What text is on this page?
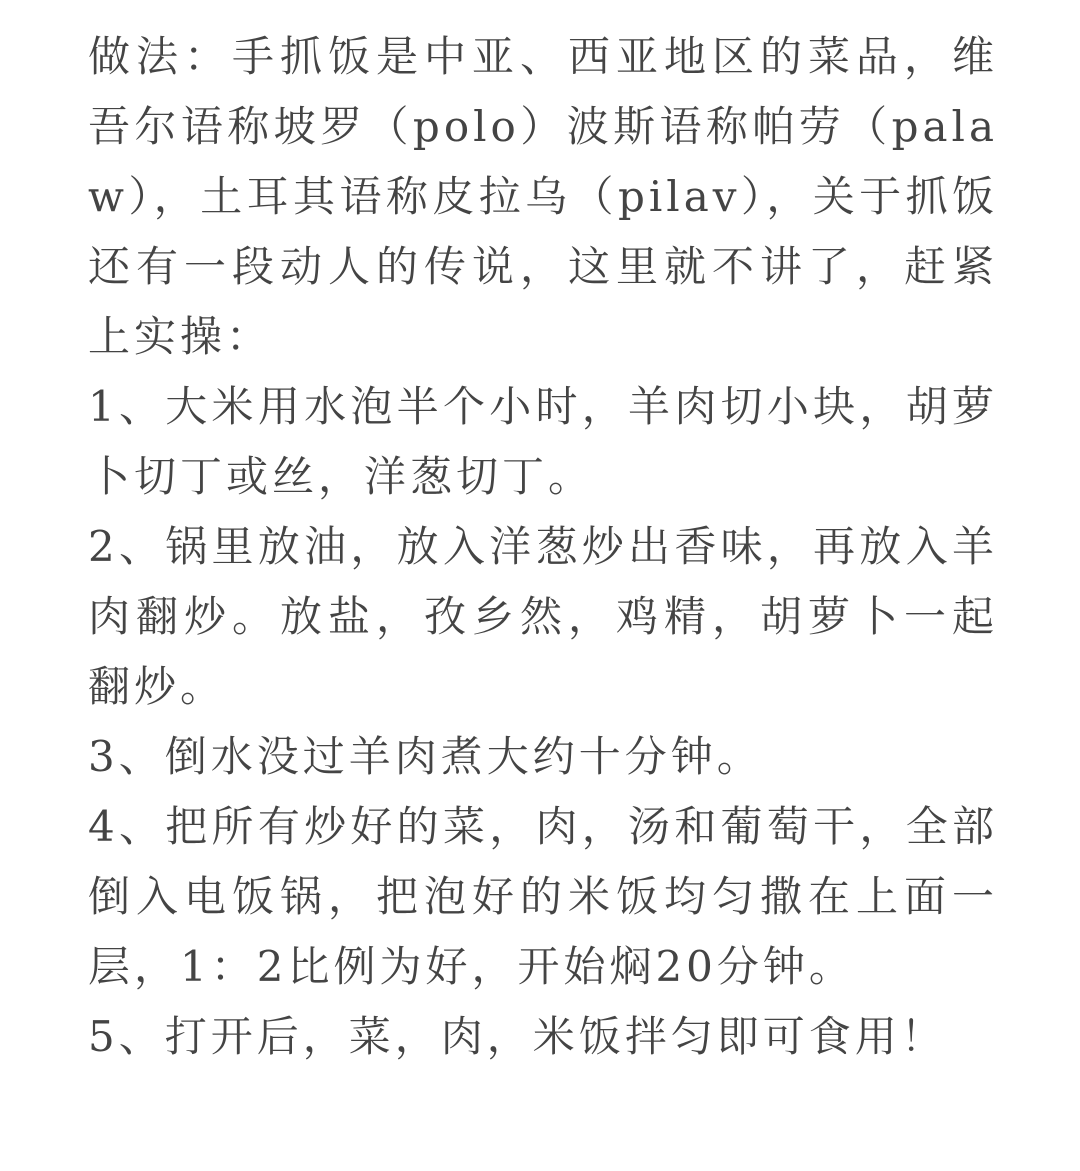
做法：手抓饭是中亚、西亚地区的菜品，维吾尔语称坡罗（polo）波斯语称帕劳（palaw），土耳其语称皮拉乌（pilav），关于抓饭还有一段动人的传说，这里就不讲了，赶紧上实操：

1、大米用水泡半个小时，羊肉切小块，胡萝卜切丁或丝，洋葱切丁。

2、锅里放油，放入洋葱炒出香味，再放入羊肉翻炒。放盐，孜乡然，鸡精，胡萝卜一起翻炒。

3、倒水没过羊肉煮大约十分钟。

4、把所有炒好的菜，肉，汤和葡萄干，全部倒入电饭锅，把泡好的米饭均匀撒在上面一层，1：2比例为好，开始焖20分钟。

5、打开后，菜，肉，米饭拌匀即可食用！
